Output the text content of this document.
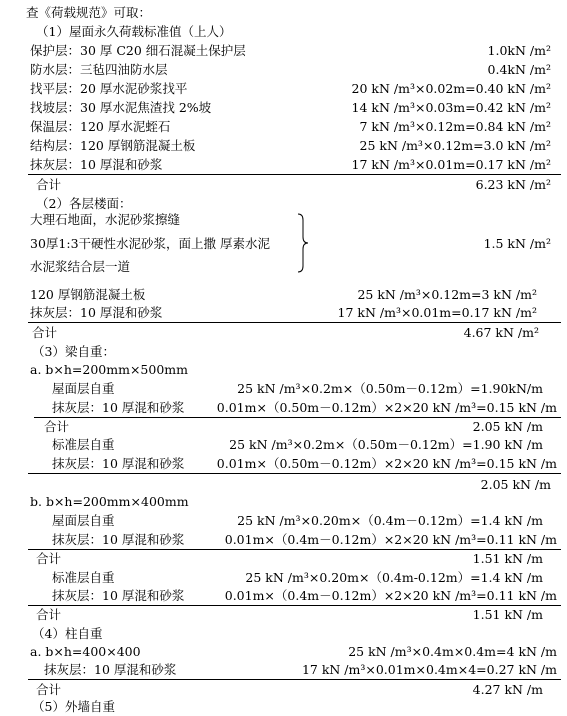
查《荷载规范》可取：
（1）屋面永久荷载标准值（上人）
保护层：30 厚 C20 细石混凝土保护层	1.0kN /m²
防水层：三毡四油防水层	0.4kN /m²
找平层：20 厚水泥砂浆找平	20 kN /m³×0.02m=0.40 kN /m²
找坡层：30 厚水泥焦渣找 2%坡	14 kN /m³×0.03m=0.42 kN /m²
保温层：120 厚水泥蛭石	7 kN /m³×0.12m=0.84 kN /m²
结构层：120 厚钢筋混凝土板	25 kN /m³×0.12m=3.0 kN /m²
抹灰层：10 厚混和砂浆	17 kN /m³×0.01m=0.17 kN /m²
合计	6.23 kN /m²
（2）各层楼面：
大理石地面，水泥砂浆擦缝
30厚1:3干硬性水泥砂浆，面上撒 厚素水泥	1.5 kN /m²
水泥浆结合层一道
120 厚钢筋混凝土板	25 kN /m³×0.12m=3 kN /m²
抹灰层：10 厚混和砂浆	17 kN /m³×0.01m=0.17 kN /m²
合计	4.67 kN /m²
（3）梁自重：
a. b×h=200mm×500mm
屋面层自重	25 kN /m³×0.2m×（0.50m－0.12m）=1.90kN/m
抹灰层：10 厚混和砂浆	0.01m×（0.50m－0.12m）×2×20 kN /m³=0.15 kN /m
合计	2.05 kN /m
标准层自重	25 kN /m³×0.2m×（0.50m－0.12m）=1.90 kN /m
抹灰层：10 厚混和砂浆	0.01m×（0.50m－0.12m）×2×20 kN /m³=0.15 kN /m
2.05 kN /m
b. b×h=200mm×400mm
屋面层自重	25 kN /m³×0.20m×（0.4m－0.12m）=1.4 kN /m
抹灰层：10 厚混和砂浆	0.01m×（0.4m－0.12m）×2×20 kN /m³=0.11 kN /m
合计	1.51 kN /m
标准层自重	25 kN /m³×0.20m×（0.4m-0.12m）=1.4 kN /m
抹灰层：10 厚混和砂浆	0.01m×（0.4m－0.12m）×2×20 kN /m³=0.11 kN /m
合计	1.51 kN /m
（4）柱自重
a. b×h=400×400	25 kN /m³×0.4m×0.4m=4 kN /m
抹灰层：10 厚混和砂浆	17 kN /m³×0.01m×0.4m×4=0.27 kN /m
合计	4.27 kN /m
（5）外墙自重
